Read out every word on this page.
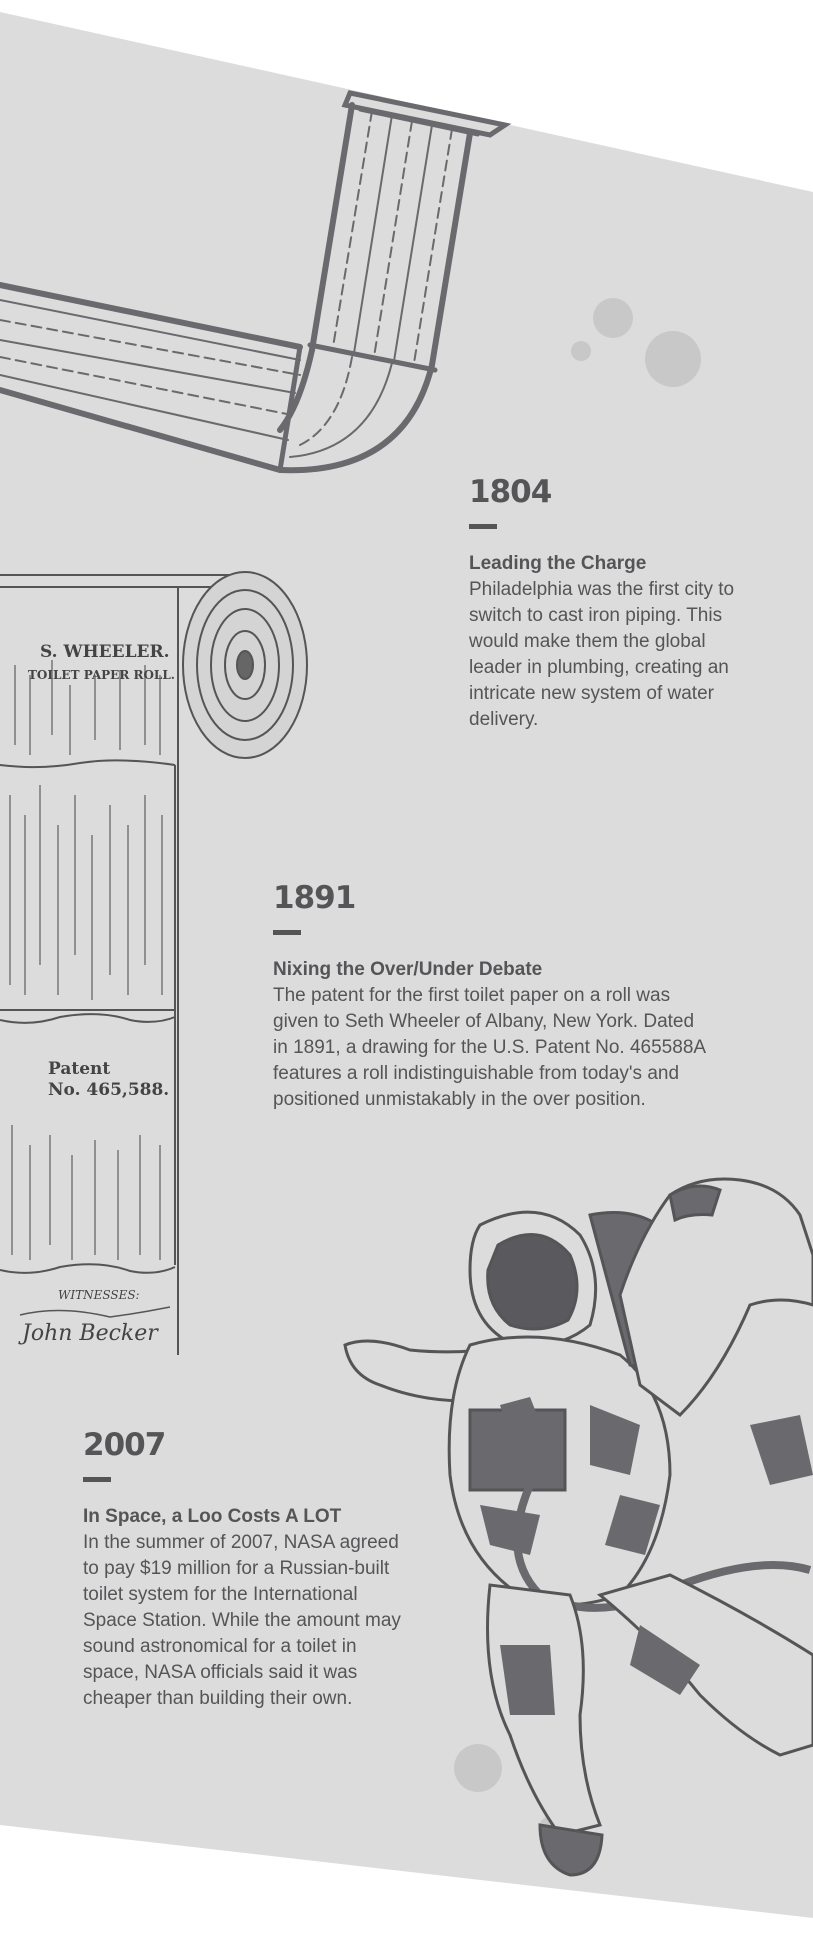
S. WHEELER.
TOILET PAPER ROLL.
Patent
No. 465,588.
WITNESSES:
John Becker
1804
Leading the Charge

Philadelphia was the first city to switch to cast iron piping. This would make them the global leader in plumbing, creating an intricate new system of water delivery.

1891
Nixing the Over/Under Debate

The patent for the first toilet paper on a roll was given to Seth Wheeler of Albany, New York. Dated in 1891, a drawing for the U.S. Patent No. 465588A features a roll indistinguishable from today's and positioned unmistakably in the over position.

2007
In Space, a Loo Costs A LOT

In the summer of 2007, NASA agreed to pay $19 million for a Russian-built toilet system for the International Space Station. While the amount may sound astronomical for a toilet in space, NASA officials said it was cheaper than building their own.
